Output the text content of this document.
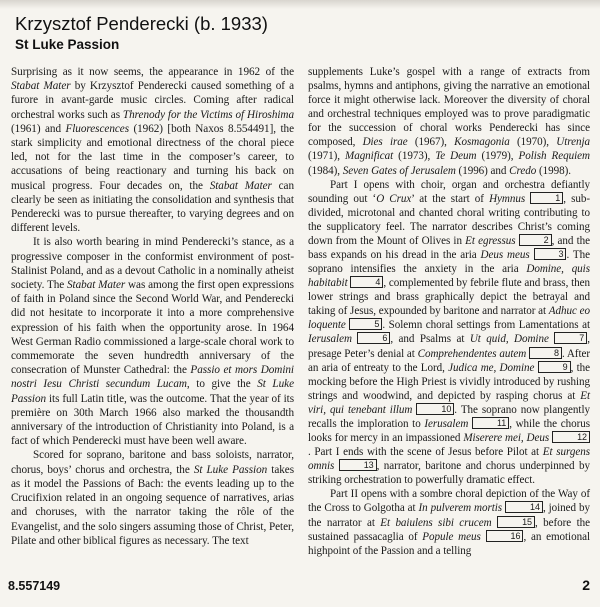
Krzysztof Penderecki (b. 1933)
St Luke Passion

Surprising as it now seems, the appearance in 1962 of the Stabat Mater by Krzysztof Penderecki caused something of a furore in avant-garde music circles. Coming after radical orchestral works such as Threnody for the Victims of Hiroshima (1961) and Fluorescences (1962) [both Naxos 8.554491], the stark simplicity and emotional directness of the choral piece led, not for the last time in the composer’s career, to accusations of being reactionary and turning his back on musical progress. Four decades on, the Stabat Mater can clearly be seen as initiating the consolidation and synthesis that Penderecki was to pursue thereafter, to varying degrees and on different levels.

It is also worth bearing in mind Penderecki’s stance, as a progressive composer in the conformist environment of post-Stalinist Poland, and as a devout Catholic in a nominally atheist society. The Stabat Mater was among the first open expressions of faith in Poland since the Second World War, and Penderecki did not hesitate to incorporate it into a more comprehensive expression of his faith when the opportunity arose. In 1964 West German Radio commissioned a large-scale choral work to commemorate the seven hundredth anniversary of the consecration of Munster Cathedral: the Passio et mors Domini nostri Iesu Christi secundum Lucam, to give the St Luke Passion its full Latin title, was the outcome. That the year of its première on 30th March 1966 also marked the thousandth anniversary of the introduction of Christianity into Poland, is a fact of which Penderecki must have been well aware.

Scored for soprano, baritone and bass soloists, narrator, chorus, boys’ chorus and orchestra, the St Luke Passion takes as it model the Passions of Bach: the events leading up to the Crucifixion related in an ongoing sequence of narratives, arias and choruses, with the narrator taking the rôle of the Evangelist, and the solo singers assuming those of Christ, Peter, Pilate and other biblical figures as necessary. The text

supplements Luke’s gospel with a range of extracts from psalms, hymns and antiphons, giving the narrative an emotional force it might otherwise lack. Moreover the diversity of choral and orchestral techniques employed was to prove paradigmatic for the succession of choral works Penderecki has since composed, Dies irae (1967), Kosmagonia (1970), Utrenja (1971), Magnificat (1973), Te Deum (1979), Polish Requiem (1984), Seven Gates of Jerusalem (1996) and Credo (1998).

Part I opens with choir, organ and orchestra defiantly sounding out ‘O Crux’ at the start of Hymnus	1 , sub-divided, microtonal and chanted choral writing contributing to the supplicatory feel. The narrator describes Christ’s coming down from the Mount of Olives in Et egressus	2 , and the bass expands on his dread in the aria Deus meus	3 . The soprano intensifies the anxiety in the aria Domine, quis habitabit	4 , complemented by febrile flute and brass, then lower strings and brass graphically depict the betrayal and taking of Jesus, expounded by baritone and narrator at Adhuc eo loquente	5 . Solemn choral settings from Lamentations at Ierusalem	6 , and Psalms at Ut quid, Domine	7 , presage Peter’s denial at Comprehendentes autem	8 . After an aria of entreaty to the Lord, Judica me, Domine	9 , the mocking before the High Priest is vividly introduced by rushing strings and woodwind, and depicted by rasping chorus at Et viri, qui tenebant illum	10 . The soprano now plangently recalls the imploration to Ierusalem	11 , while the chorus looks for mercy in an impassioned Miserere mei, Deus	12. Part I ends with the scene of Jesus before Pilot at Et surgens omnis	13 , narrator, baritone and chorus underpinned by striking orchestration to powerfully dramatic effect.

Part II opens with a sombre choral depiction of the Way of the Cross to Golgotha at In pulverem mortis	14 , joined by the narrator at Et baiulens sibi crucem	15 , before the sustained passacaglia of Popule meus	16 , an emotional highpoint of the Passion and a telling

8.557149	2
